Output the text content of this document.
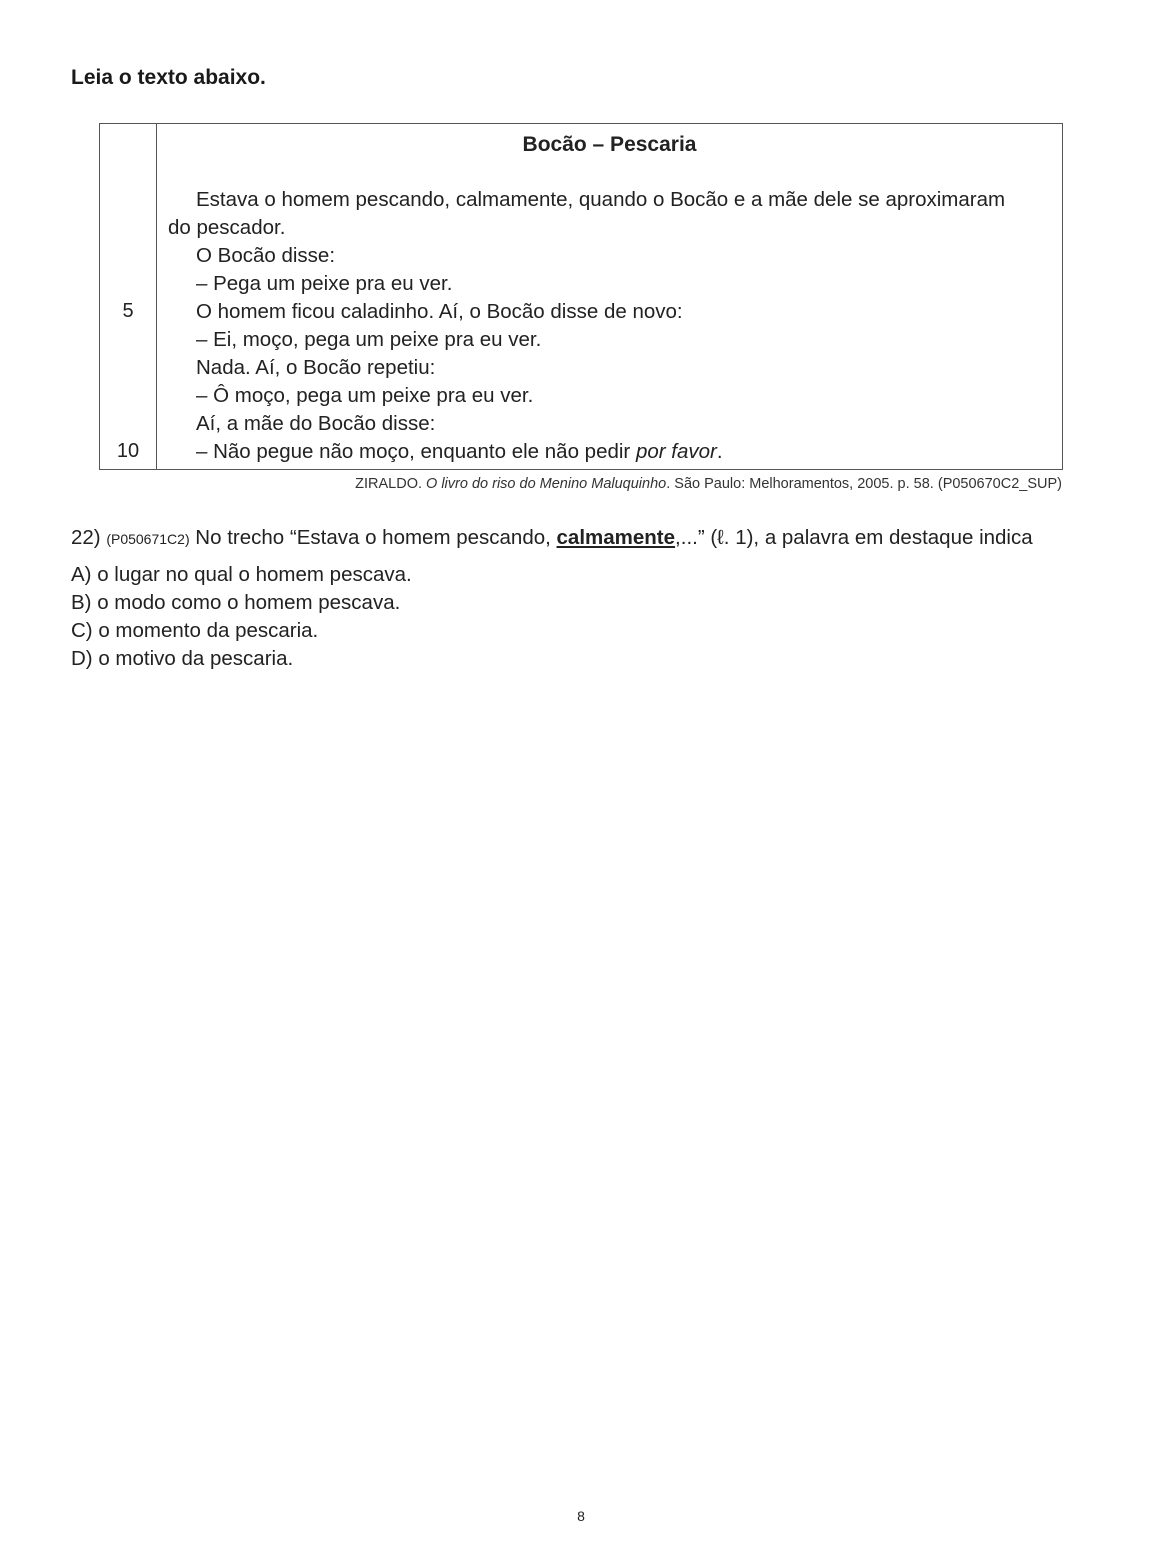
Leia o texto abaixo.
5
10
Bocão – Pescaria
Estava o homem pescando, calmamente, quando o Bocão e a mãe dele se aproximaram
do pescador.
O Bocão disse:
– Pega um peixe pra eu ver.
O homem ficou caladinho. Aí, o Bocão disse de novo:
– Ei, moço, pega um peixe pra eu ver.
Nada. Aí, o Bocão repetiu:
– Ô moço, pega um peixe pra eu ver.
Aí, a mãe do Bocão disse:
– Não pegue não moço, enquanto ele não pedir por favor.
ZIRALDO. O livro do riso do Menino Maluquinho. São Paulo: Melhoramentos, 2005. p. 58. (P050670C2_SUP)
22) (P050671C2) No trecho “Estava o homem pescando, calmamente,...” (ℓ. 1), a palavra em destaque indica
A) o lugar no qual o homem pescava.
B) o modo como o homem pescava.
C) o momento da pescaria.
D) o motivo da pescaria.
8
